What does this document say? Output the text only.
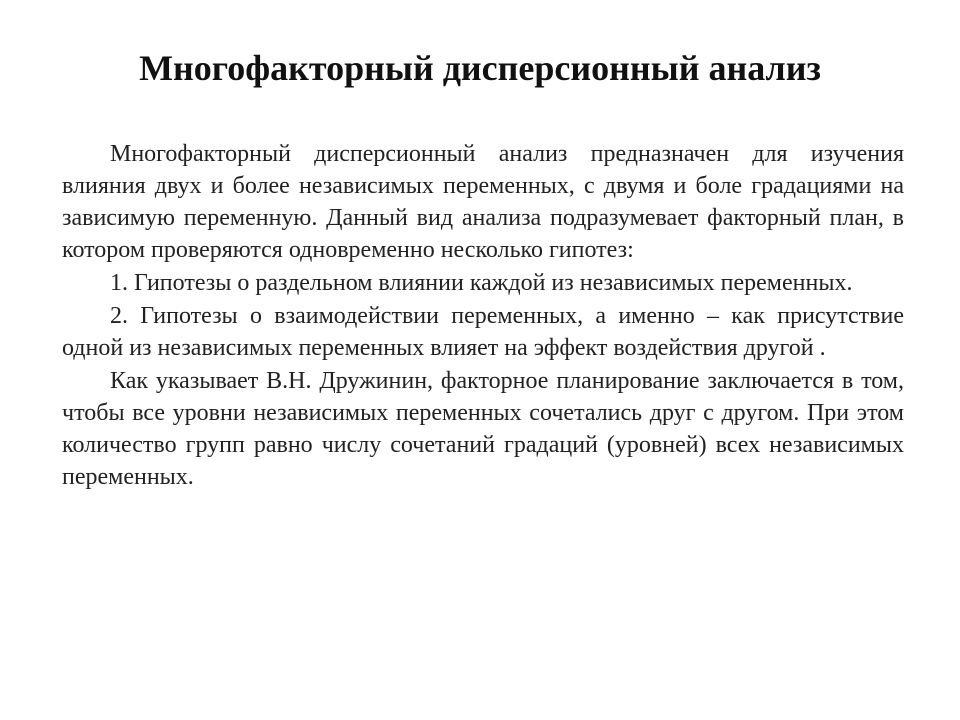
Многофакторный дисперсионный анализ

Многофакторный дисперсионный анализ предназначен для изучения влияния двух и более независимых переменных, с двумя и боле градациями на зависимую переменную. Данный вид анализа подразумевает факторный план, в котором проверяются одновременно несколько гипотез:

1. Гипотезы о раздельном влиянии каждой из независимых переменных.

2. Гипотезы о взаимодействии переменных, а именно – как присутствие одной из независимых переменных влияет на эффект воздействия другой .

Как указывает В.Н. Дружинин, факторное планирование заключается в том, чтобы все уровни независимых переменных сочетались друг с другом. При этом количество групп равно числу сочетаний градаций (уровней) всех независимых переменных.
